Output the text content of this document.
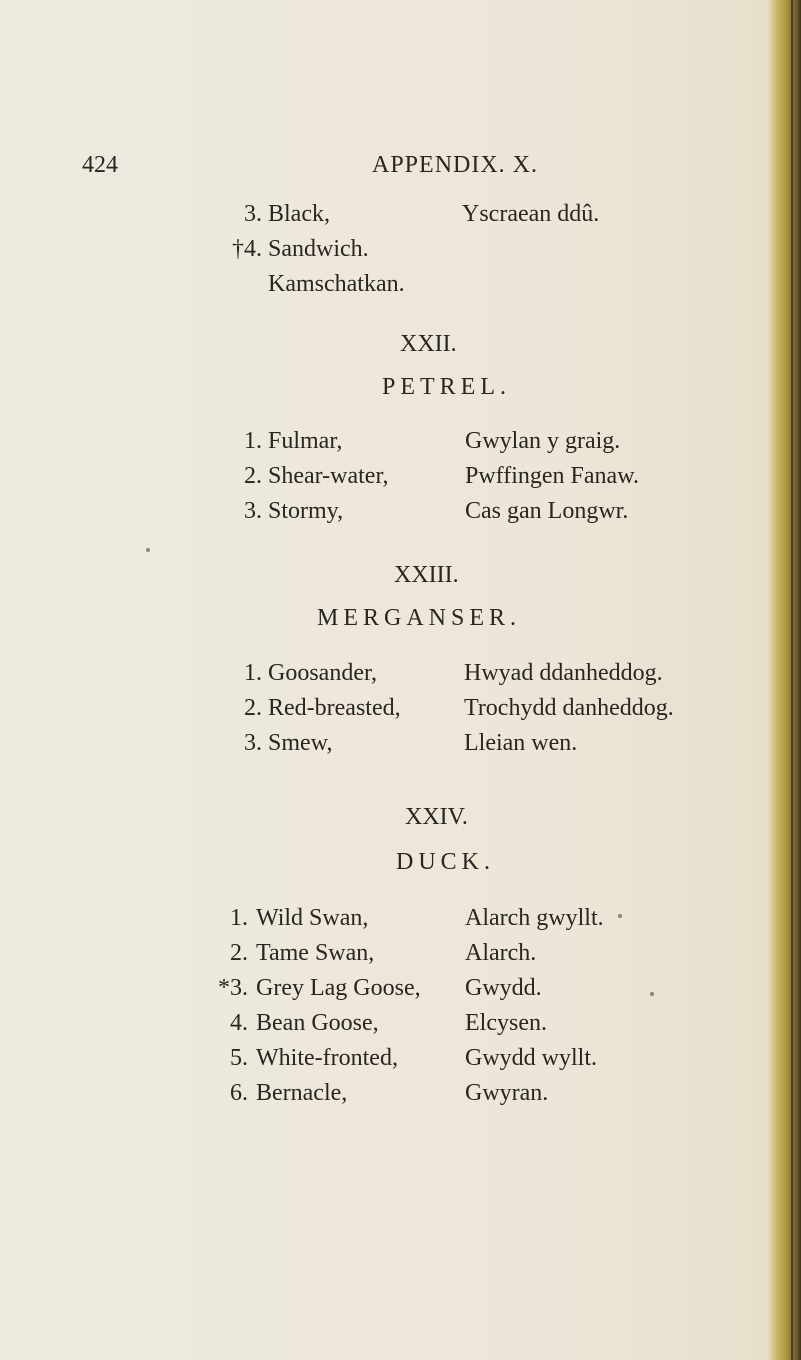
424	APPENDIX. X.
3. Black,	Yscraean ddû.
†4. Sandwich.
Kamschatkan.
XXII.
PETREL.
1. Fulmar,	Gwylan y graig.
2. Shear-water,	Pwffingen Fanaw.
3. Stormy,	Cas gan Longwr.
XXIII.
MERGANSER.
1. Goosander,	Hwyad ddanheddog.
2. Red-breasted,	Trochydd danheddog.
3. Smew,	Lleian wen.
XXIV.
DUCK.
1. Wild Swan,	Alarch gwyllt.
2. Tame Swan,	Alarch.
*3. Grey Lag Goose, Gwydd.
4. Bean Goose,	Elcysen.
5. White-fronted,	Gwydd wyllt.
6. Bernacle,	Gwyran.
